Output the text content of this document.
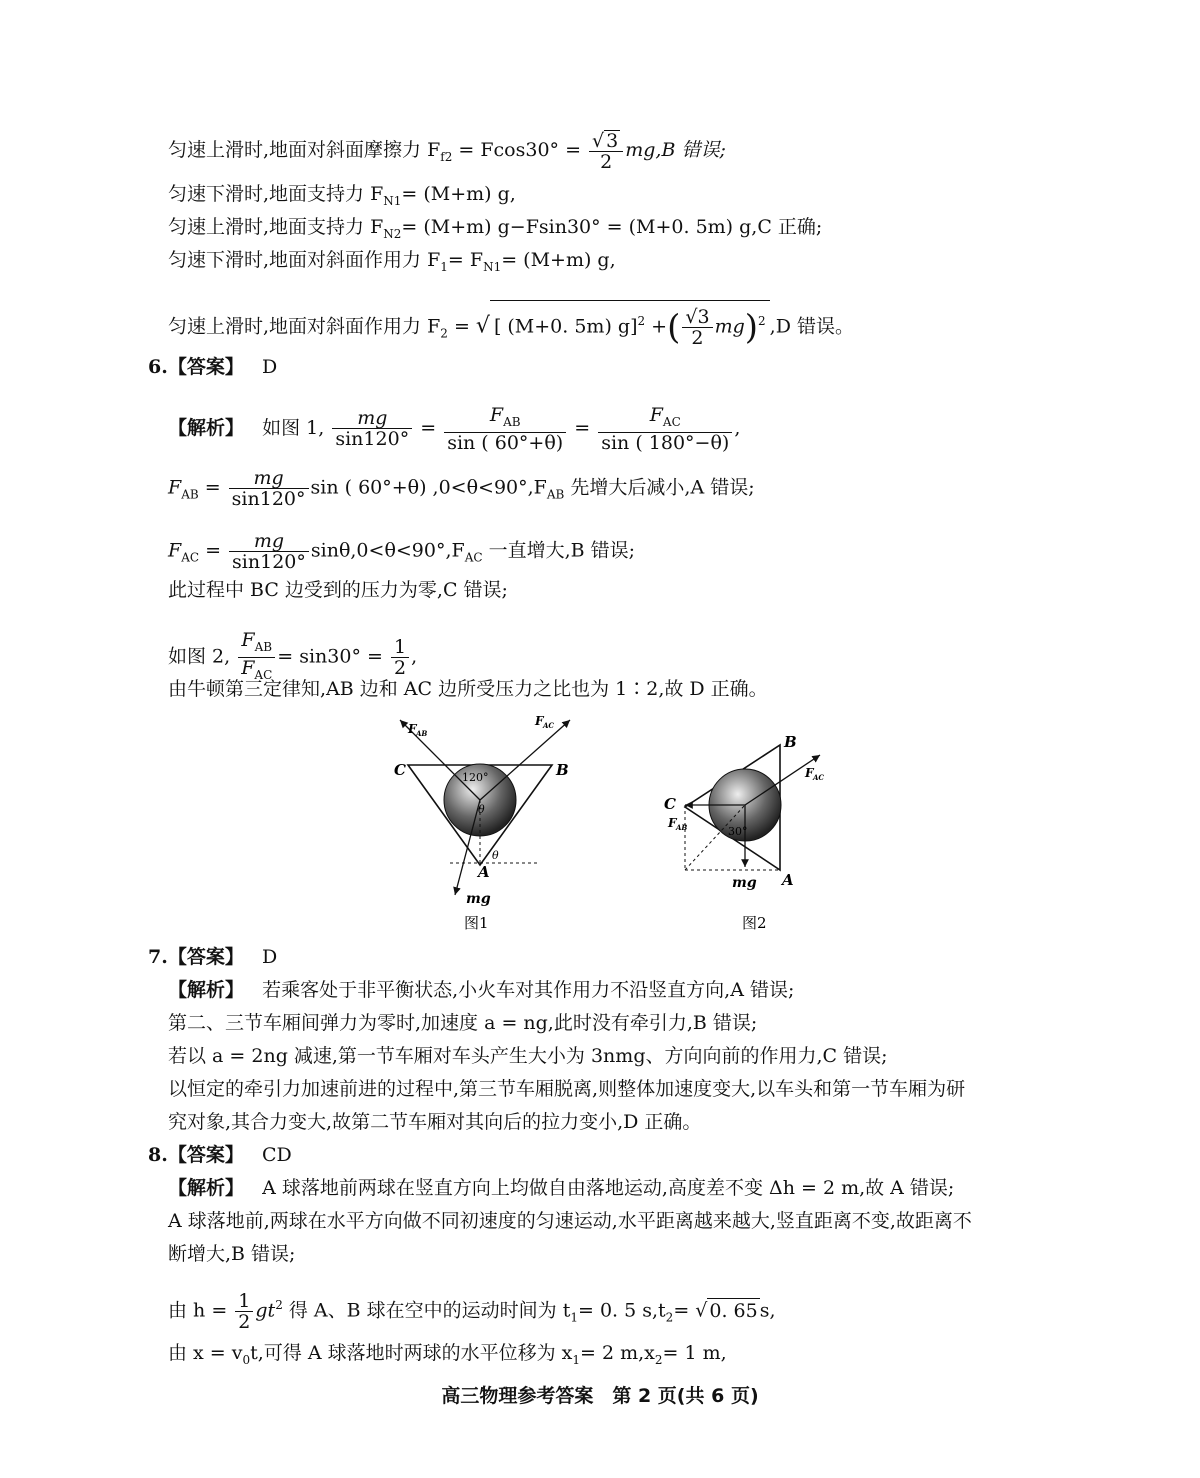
匀速上滑时,地面对斜面摩擦力 $F_{f2} = Fcos30^\circ = \frac{√ 3}{2} mg,B$ 错误;
匀速下滑时,地面支持力 $F_{N1}= (M+m)$ g,
匀速上滑时,地面支持力 $F_{N2}= (M+m) g-Fsin30^\circ = (M+0$. 5m) g,C 正确;
匀速下滑时,地面对斜面作用力 $F_1= F_{N1}= (M+m)$ g,
匀速上滑时,地面对斜面作用力 $F_2$ = √ [ (M+0. 5m) g]$^2$ +( $\frac{√3}{2} mg)^2$ ,D 错误。
6.【答案】 D
【解析】 如图 1, $\frac{mg}{\sin 120^\circ} = \frac{F_{AB}}{\sin ( 60^\circ+\theta)} = \frac{F_{AC}}{\sin ( 180^\circ-\theta)}$ ,
$F_{AB} = \frac{mg}{\sin 120^\circ}$ sin ( 60°+θ) $,0<\theta<90^\circ,F_{AB}$ 先增大后减小,A 错误;
$F_{AC} = \frac{mg}{\sin 120^\circ} \sin\theta,0<\theta<90^\circ,F_{AC}$ 一直增大,B 错误;
此过程中 BC 边受到的压力为零,C 错误;
如图 2, $\frac{F_{AB}}{F_{AC}} = \sin 30^\circ = \frac{1}{2}$ ,
由牛顿第三定律知,AB 边和 AC 边所受压力之比也为 1∶2,故 D 正确。
F AB
F AC
C	B
120°
θ
θ
A
mg
图1
B
F AC
C
F AB	30°
mg A
图2
7.【答案】 D
【解析】 若乘客处于非平衡状态,小火车对其作用力不沿竖直方向,A 错误;
第二、三节车厢间弹力为零时,加速度 a = ng,此时没有牵引力,B 错误;
若以 a = 2ng 减速,第一节车厢对车头产生大小为 3nmg、方向向前的作用力,C 错误;
以恒定的牵引力加速前进的过程中,第三节车厢脱离,则整体加速度变大,以车头和第一节车厢为研
究对象,其合力变大,故第二节车厢对其向后的拉力变小,D 正确。
8.【答案】 CD
【解析】 A 球落地前两球在竖直方向上均做自由落地运动,高度差不变 Δh = 2 m,故 A 错误;
A 球落地前,两球在水平方向做不同初速度的匀速运动,水平距离越来越大,竖直距离不变,故距离不
断增大,B 错误;
由 $h = \frac{1}{2} gt^2$ 得 A、B 球在空中的运动时间为 $t_1= 0$. 5 $s,t_2=$ √ 0. 65 s,
由 $x = v_0t$,可得 A 球落地时两球的水平位移为 $x_1= 2$ $m,x_2= 1$ m,
高三物理参考答案　第 2 页(共 6 页)
